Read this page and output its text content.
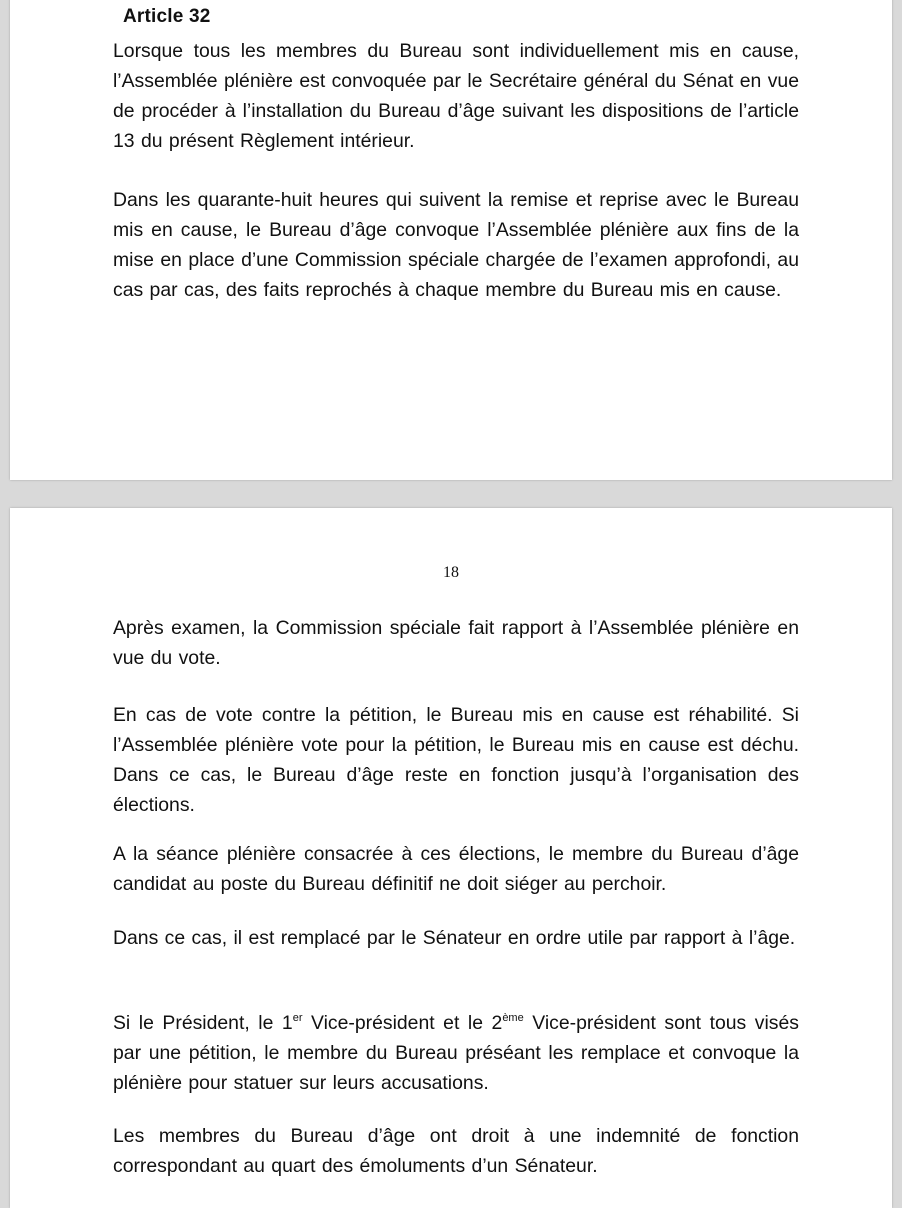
Article 32

Lorsque tous les membres du Bureau sont individuellement mis en cause, l’Assemblée plénière est convoquée par le Secrétaire général du Sénat en vue de procéder à l’installation du Bureau d’âge suivant les dispositions de l’article 13 du présent Règlement intérieur.

Dans les quarante-huit heures qui suivent la remise et reprise avec le Bureau mis en cause, le Bureau d’âge convoque l’Assemblée plénière aux fins de la mise en place d’une Commission spéciale chargée de l’examen approfondi, au cas par cas, des faits reprochés à chaque membre du Bureau mis en cause.

18

Après examen, la Commission spéciale fait rapport à l’Assemblée plénière en vue du vote.

En cas de vote contre la pétition, le Bureau mis en cause est réhabilité. Si l’Assemblée plénière vote pour la pétition, le Bureau mis en cause est déchu. Dans ce cas, le Bureau d’âge reste en fonction jusqu’à l’organisation des élections.

A la séance plénière consacrée à ces élections, le membre du Bureau d’âge candidat au poste du Bureau définitif ne doit siéger au perchoir.

Dans ce cas, il est remplacé par le Sénateur en ordre utile par rapport à l’âge.

Si le Président, le 1er Vice-président et le 2ème Vice-président sont tous visés par une pétition, le membre du Bureau préséant les remplace et convoque la plénière pour statuer sur leurs accusations.

Les membres du Bureau d’âge ont droit à une indemnité de fonction correspondant au quart des émoluments d’un Sénateur.
